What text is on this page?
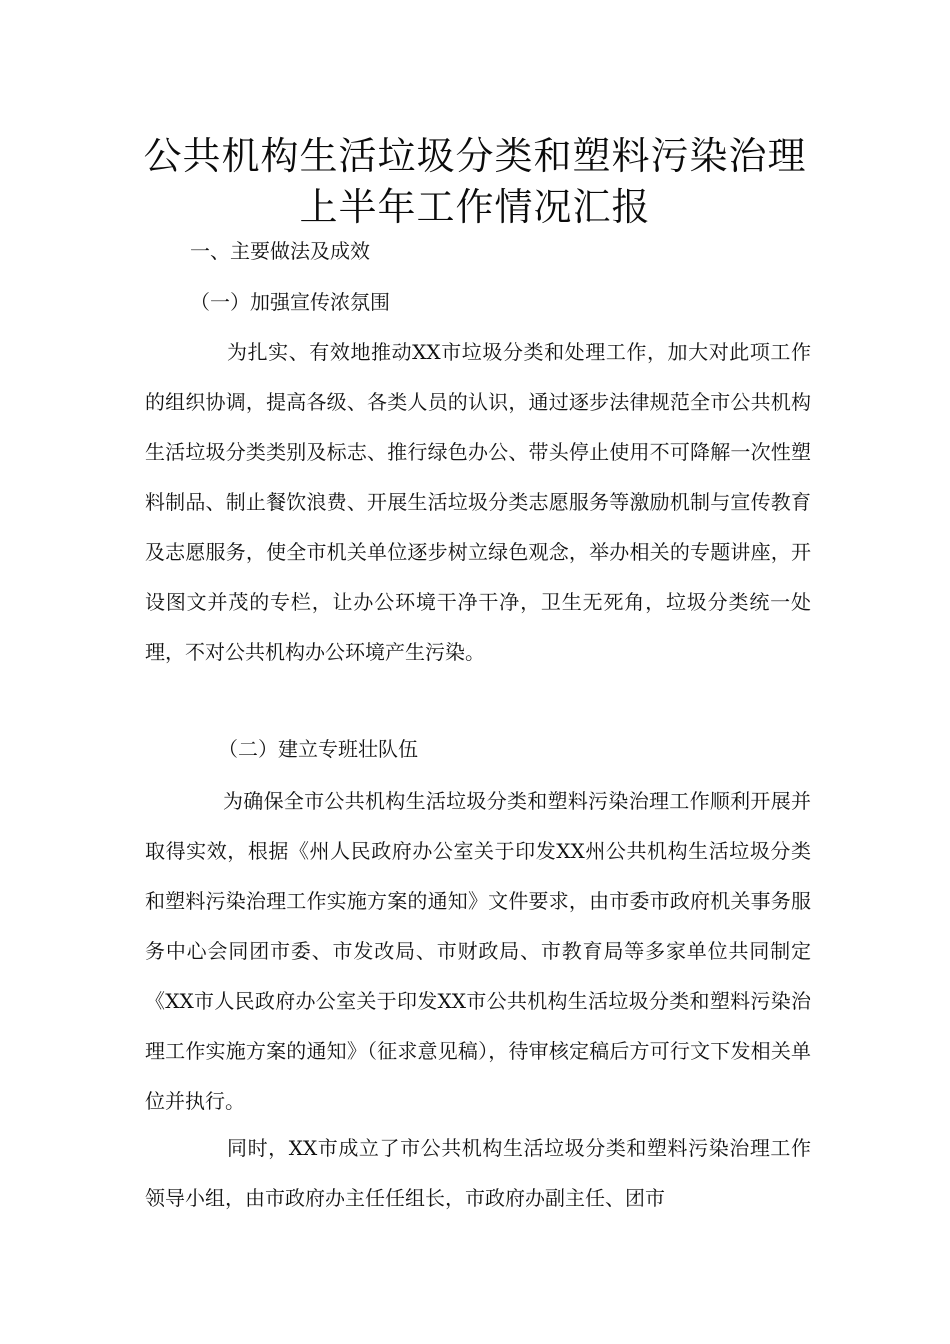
公共机构生活垃圾分类和塑料污染治理
上半年工作情况汇报
一、主要做法及成效
（一）加强宣传浓氛围

为扎实、有效地推动XX市垃圾分类和处理工作，加大对此项工作的组织协调，提高各级、各类人员的认识，通过逐步法律规范全市公共机构生活垃圾分类类别及标志、推行绿色办公、带头停止使用不可降解一次性塑料制品、制止餐饮浪费、开展生活垃圾分类志愿服务等激励机制与宣传教育及志愿服务，使全市机关单位逐步树立绿色观念，举办相关的专题讲座，开设图文并茂的专栏，让办公环境干净干净，卫生无死角，垃圾分类统一处理，不对公共机构办公环境产生污染。

（二）建立专班壮队伍

为确保全市公共机构生活垃圾分类和塑料污染治理工作顺利开展并取得实效，根据《州人民政府办公室关于印发XX州公共机构生活垃圾分类和塑料污染治理工作实施方案的通知》文件要求，由市委市政府机关事务服务中心会同团市委、市发改局、市财政局、市教育局等多家单位共同制定《XX市人民政府办公室关于印发XX市公共机构生活垃圾分类和塑料污染治理工作实施方案的通知》（征求意见稿），待审核定稿后方可行文下发相关单位并执行。

同时，XX市成立了市公共机构生活垃圾分类和塑料污染治理工作领导小组，由市政府办主任任组长，市政府办副主任、团市
